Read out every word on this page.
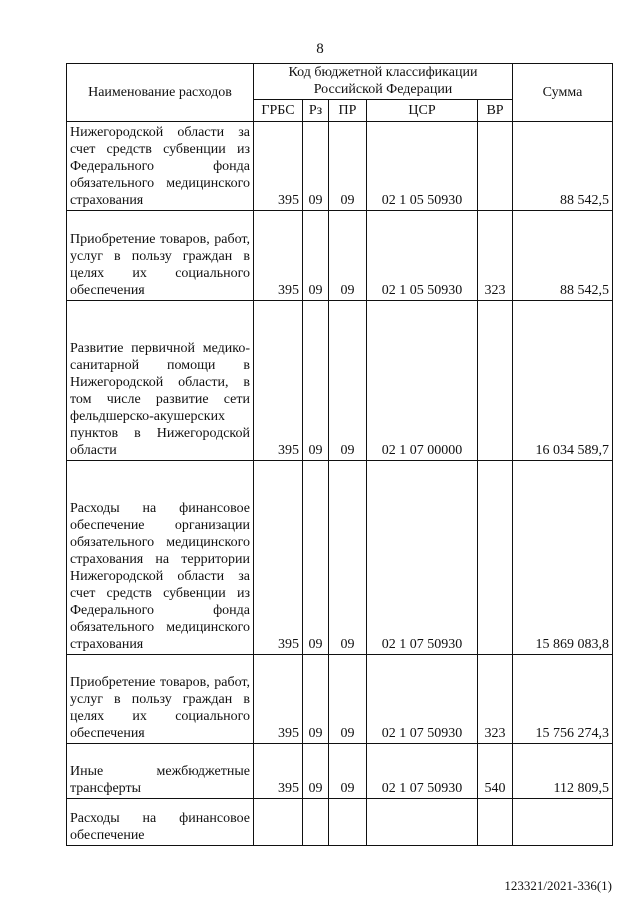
8
Наименование расходов	Код бюджетной классификации Российской Федерации					Сумма
	ГРБС	Рз	ПР	ЦСР	ВР	
Нижегородской области за счет средств субвенции из Федерального фонда обязательного медицинского страхования	395	09	09	02 1 05 50930		88 542,5
Приобретение товаров, работ, услуг в пользу граждан в целях их социального обеспечения	395	09	09	02 1 05 50930	323	88 542,5
Развитие первичной медико-санитарной помощи в Нижегородской области, в том числе развитие сети фельдшерско-акушерских пунктов в Нижегородской области	395	09	09	02 1 07 00000		16 034 589,7
Расходы на финансовое обеспечение организации обязательного медицинского страхования на территории Нижегородской области за счет средств субвенции из Федерального фонда обязательного медицинского страхования	395	09	09	02 1 07 50930		15 869 083,8
Приобретение товаров, работ, услуг в пользу граждан в целях их социального обеспечения	395	09	09	02 1 07 50930	323	15 756 274,3
Иные межбюджетные трансферты	395	09	09	02 1 07 50930	540	112 809,5
Расходы на финансовое обеспечение						
123321/2021-336(1)
